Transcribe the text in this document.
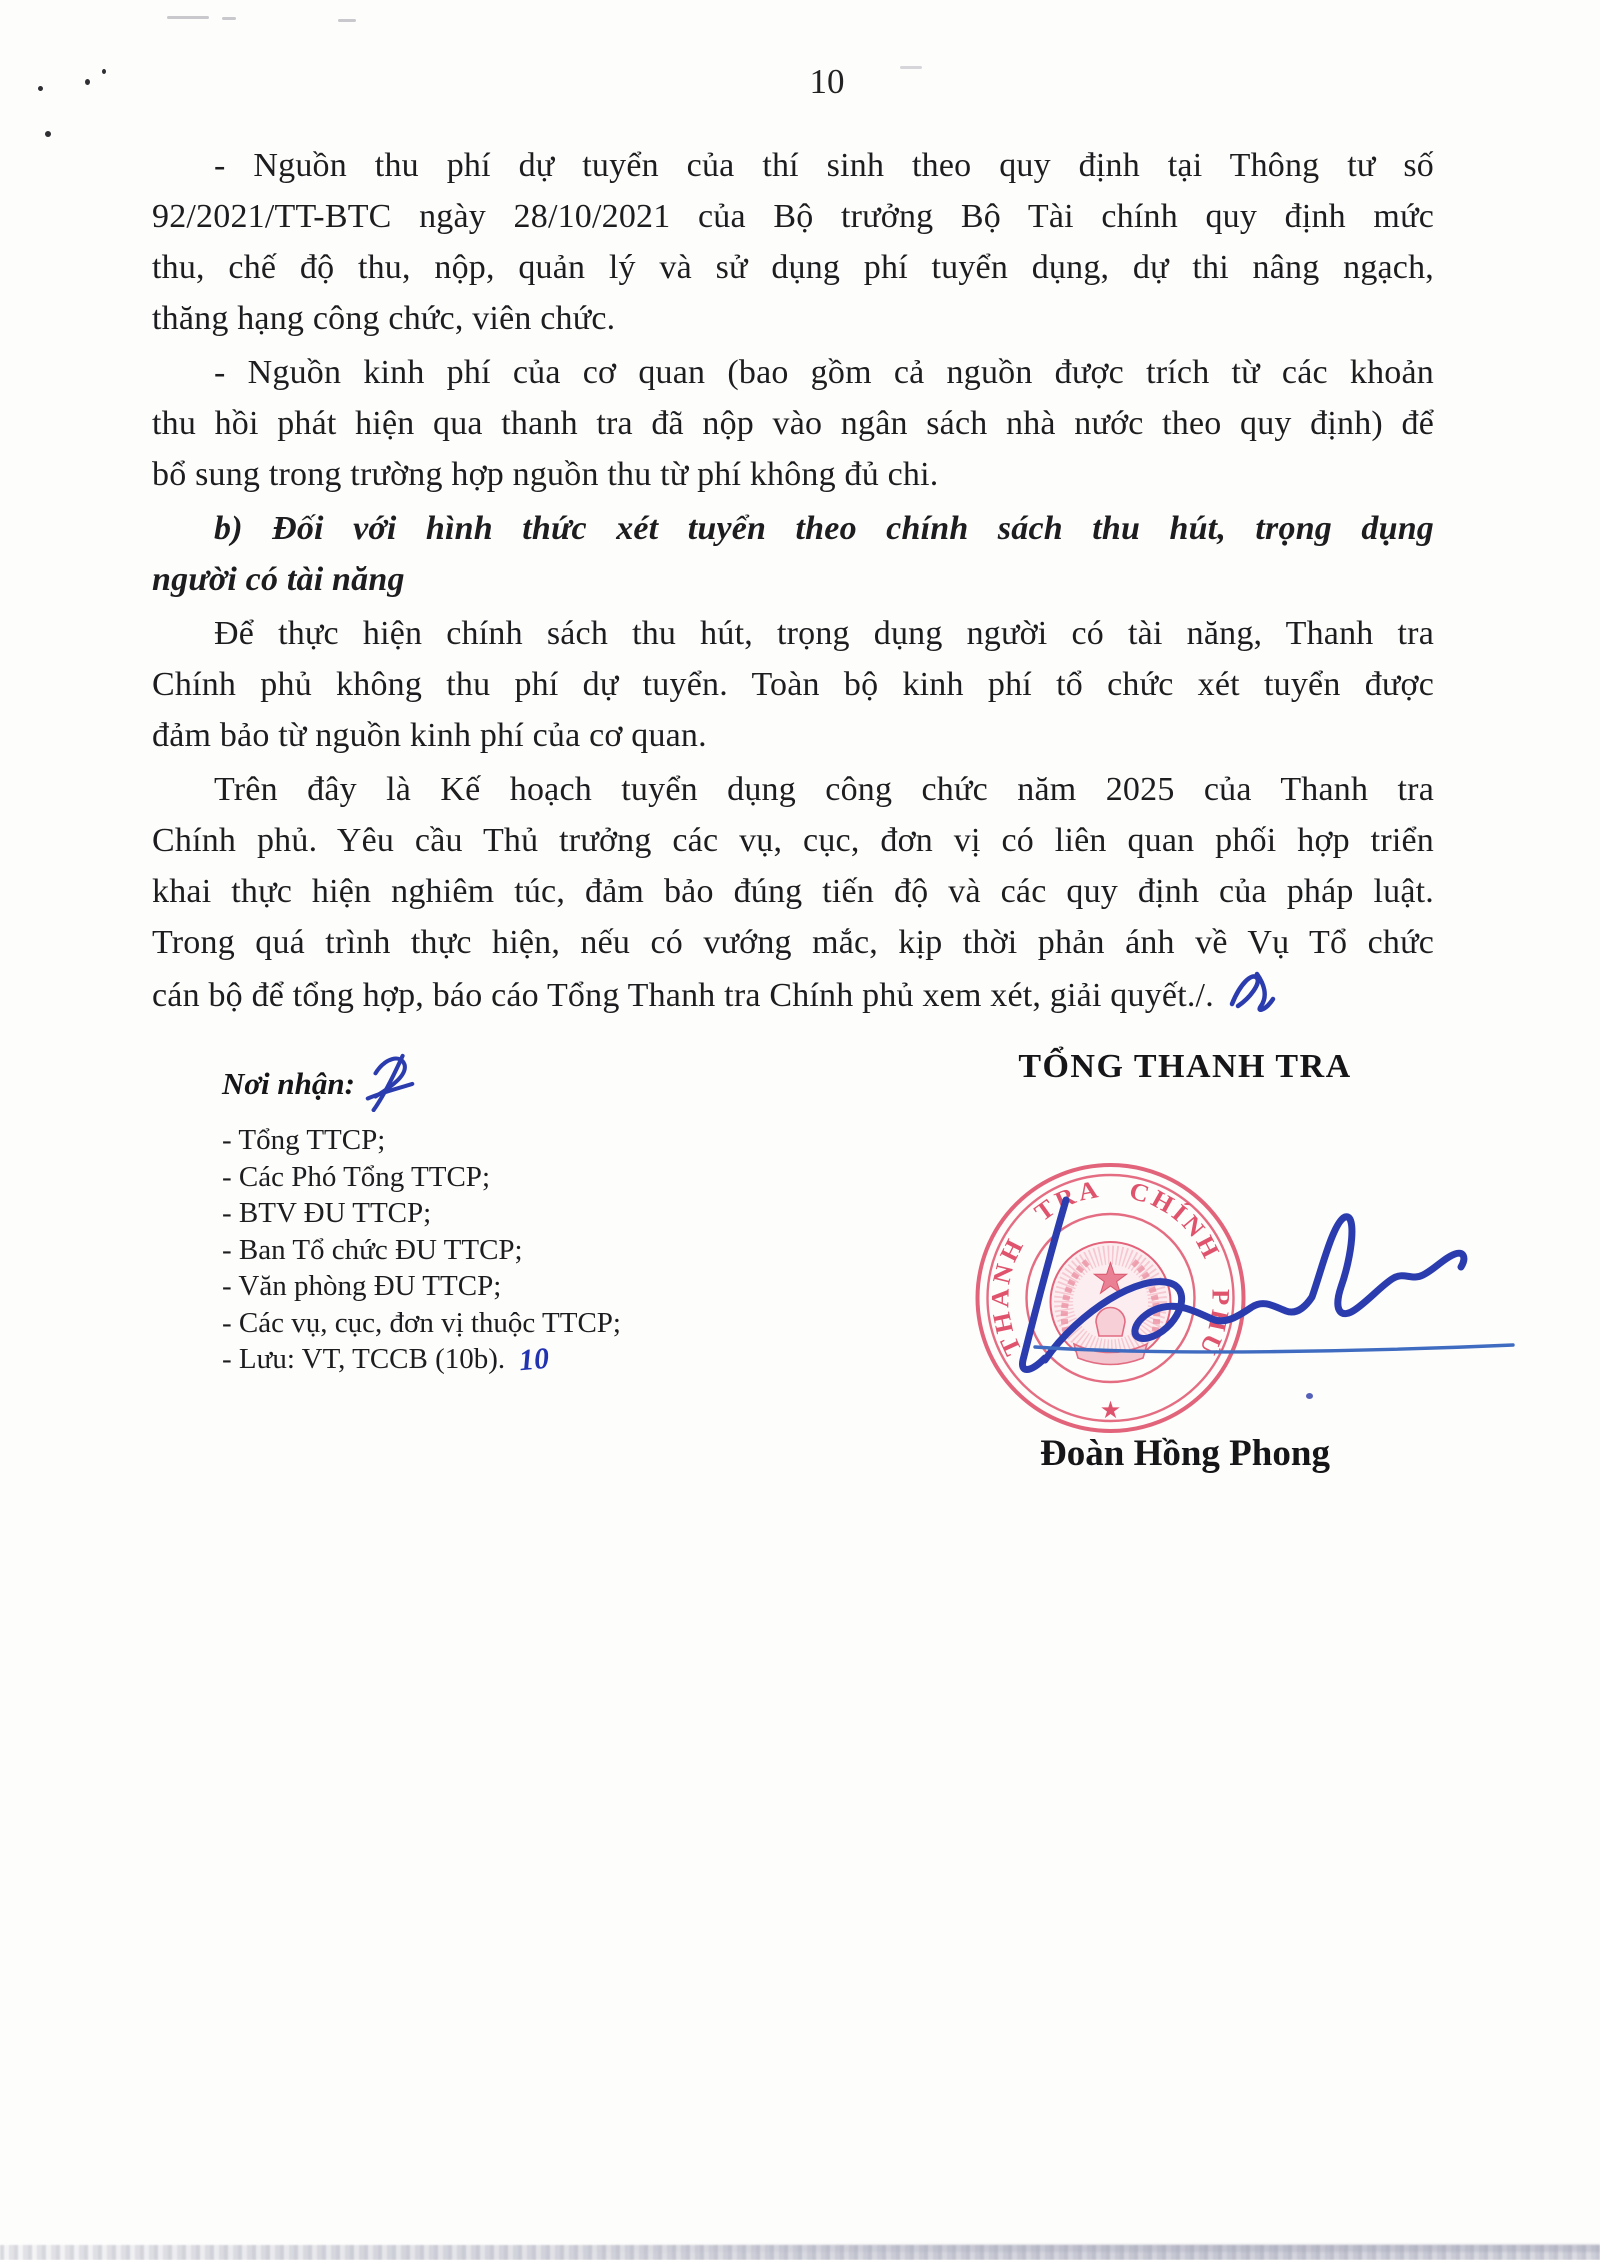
10
- Nguồn thu phí dự tuyển của thí sinh theo quy định tại Thông tư số
92/2021/TT-BTC ngày 28/10/2021 của Bộ trưởng Bộ Tài chính quy định mức
thu, chế độ thu, nộp, quản lý và sử dụng phí tuyển dụng, dự thi nâng ngạch,
thăng hạng công chức, viên chức.
- Nguồn kinh phí của cơ quan (bao gồm cả nguồn được trích từ các khoản
thu hồi phát hiện qua thanh tra đã nộp vào ngân sách nhà nước theo quy định) để
bổ sung trong trường hợp nguồn thu từ phí không đủ chi.
b) Đối với hình thức xét tuyển theo chính sách thu hút, trọng dụng
người có tài năng
Để thực hiện chính sách thu hút, trọng dụng người có tài năng, Thanh tra
Chính phủ không thu phí dự tuyển. Toàn bộ kinh phí tổ chức xét tuyển được
đảm bảo từ nguồn kinh phí của cơ quan.
Trên đây là Kế hoạch tuyển dụng công chức năm 2025 của Thanh tra
Chính phủ. Yêu cầu Thủ trưởng các vụ, cục, đơn vị có liên quan phối hợp triển
khai thực hiện nghiêm túc, đảm bảo đúng tiến độ và các quy định của pháp luật.
Trong quá trình thực hiện, nếu có vướng mắc, kịp thời phản ánh về Vụ Tổ chức
cán bộ để tổng hợp, báo cáo Tổng Thanh tra Chính phủ xem xét, giải quyết./.
Nơi nhận:
- Tổng TTCP;
- Các Phó Tổng TTCP;
- BTV ĐU TTCP;
- Ban Tổ chức ĐU TTCP;
- Văn phòng ĐU TTCP;
- Các vụ, cục, đơn vị thuộc TTCP;
- Lưu: VT, TCCB (10b). 10
TỔNG THANH TRA
THANH TRA CHÍNH PHỦ
★
★
Đoàn Hồng Phong
